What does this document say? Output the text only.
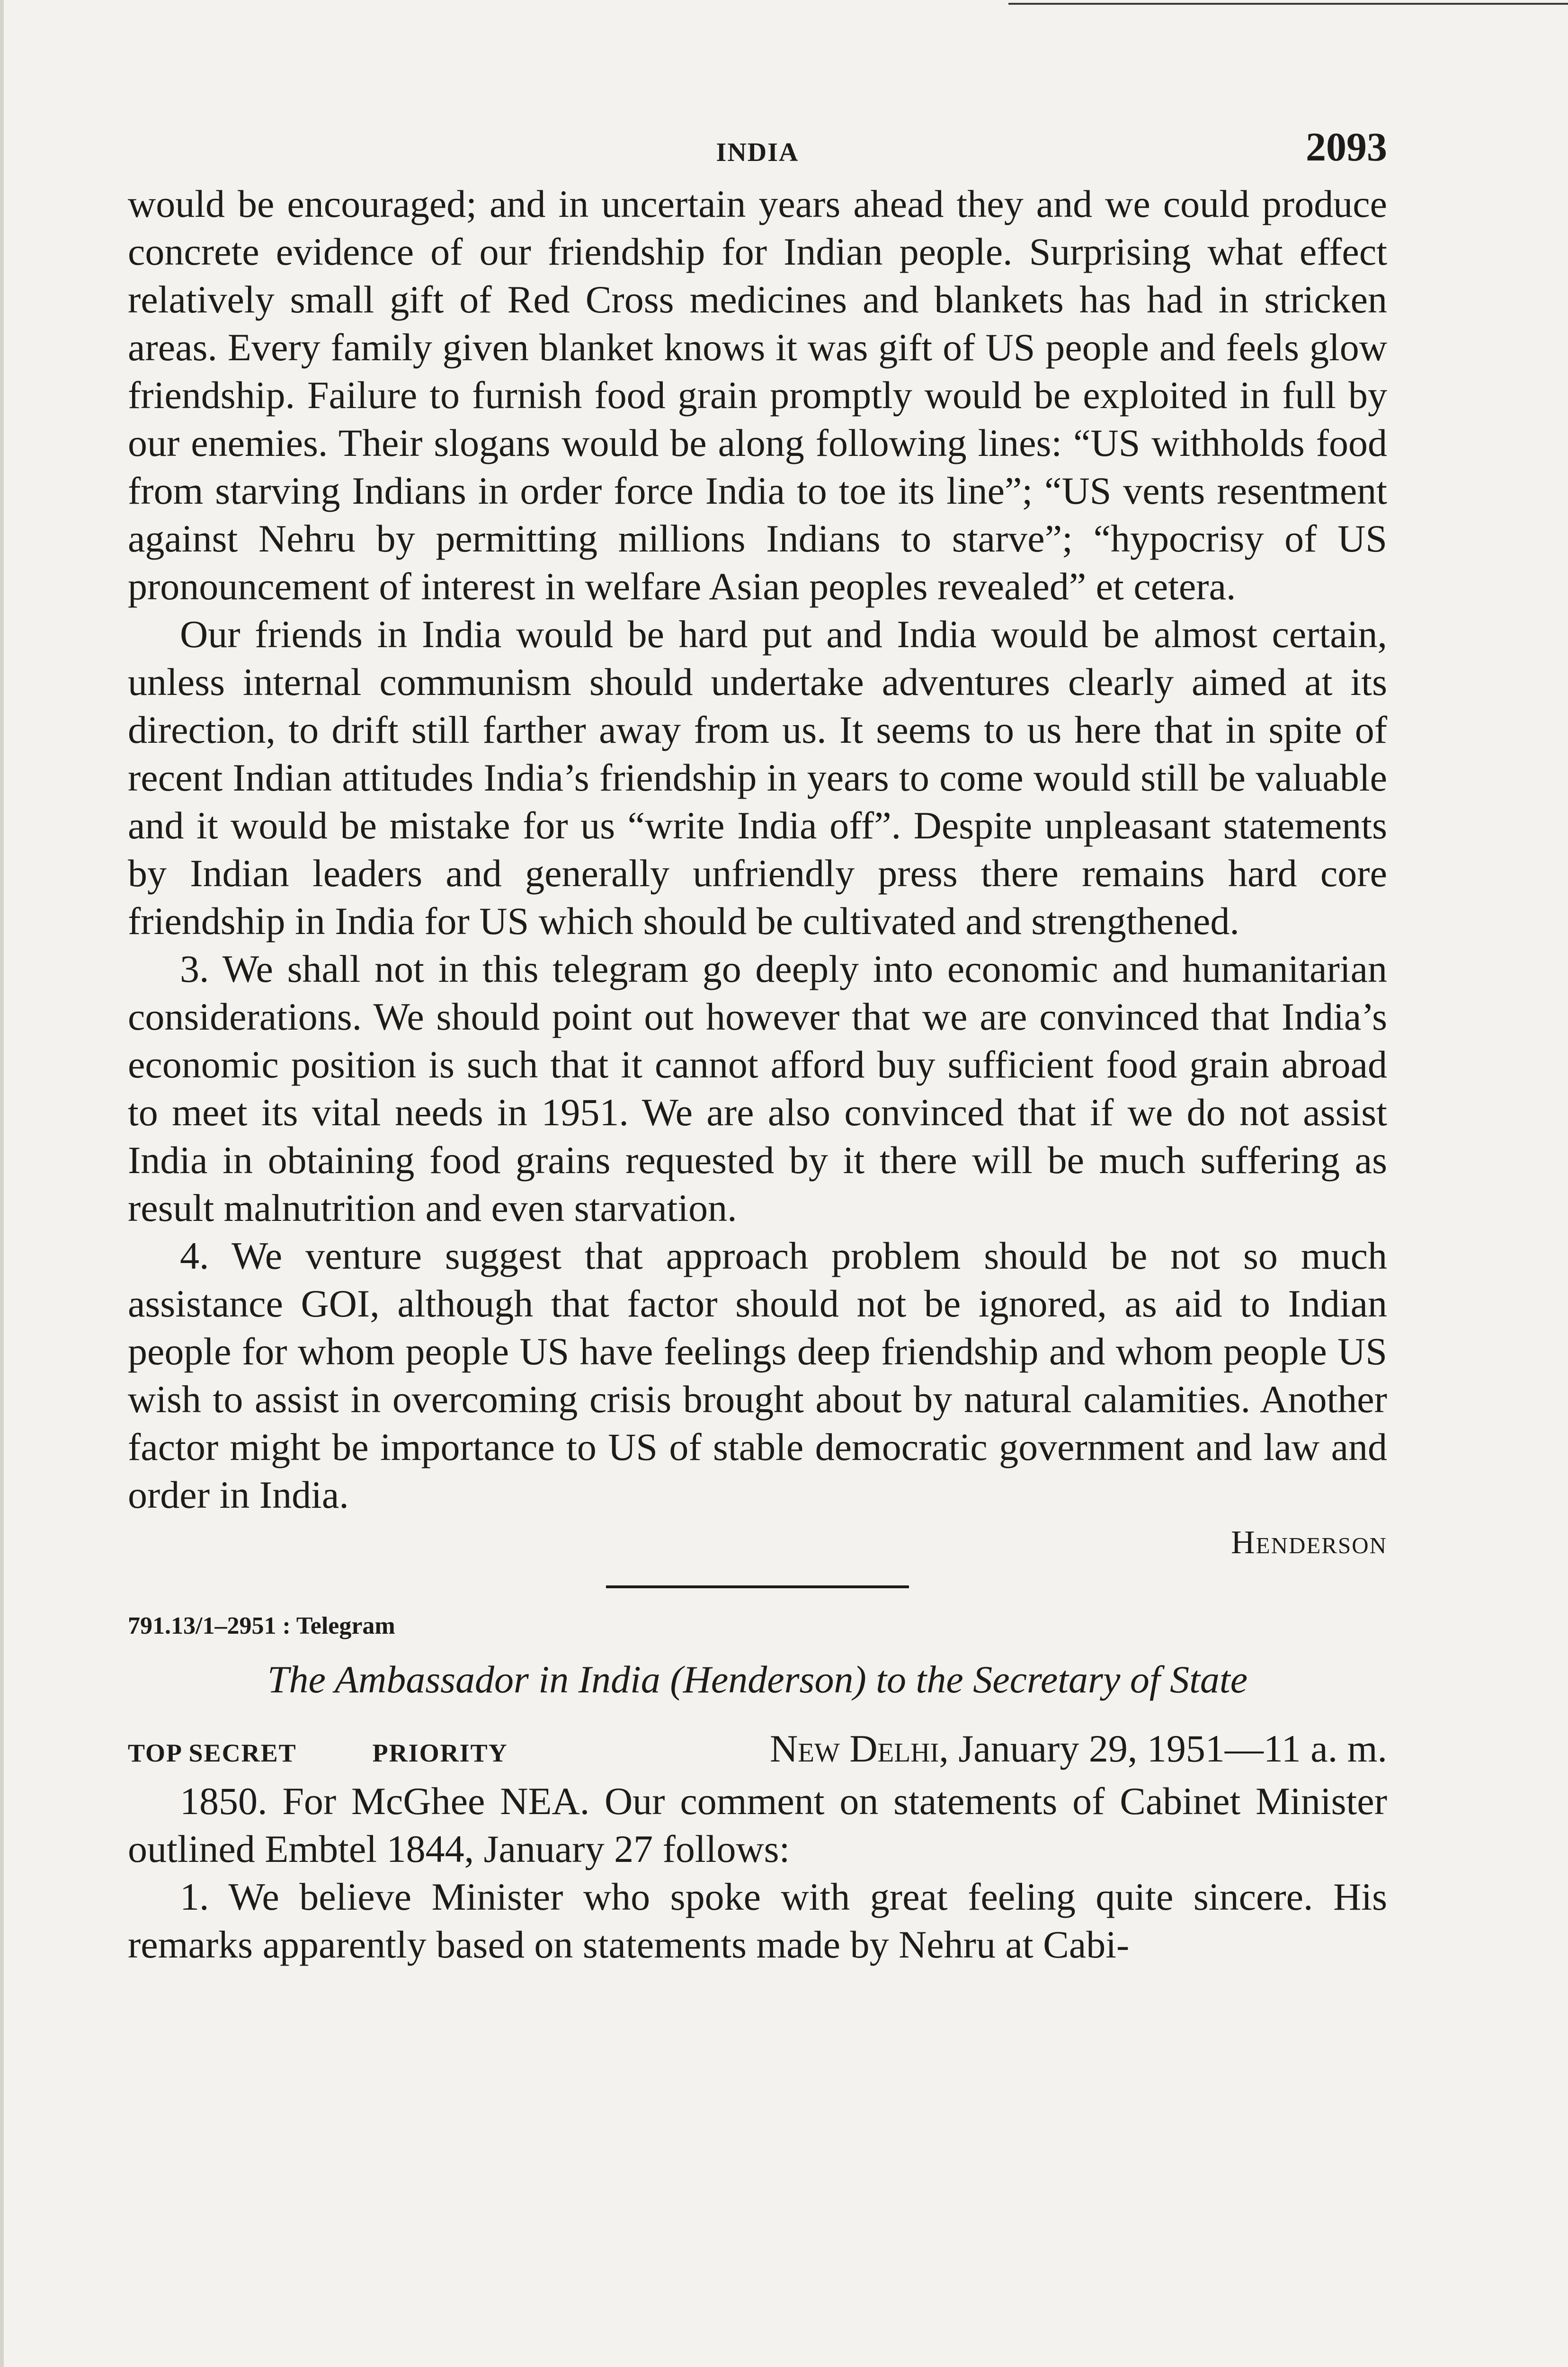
INDIA	2093

would be encouraged; and in uncertain years ahead they and we could produce concrete evidence of our friendship for Indian people. Surprising what effect relatively small gift of Red Cross medicines and blankets has had in stricken areas. Every family given blanket knows it was gift of US people and feels glow friendship. Failure to furnish food grain promptly would be exploited in full by our enemies. Their slogans would be along following lines: “US withholds food from starving Indians in order force India to toe its line”; “US vents resentment against Nehru by permitting millions Indians to starve”; “hypocrisy of US pronouncement of interest in welfare Asian peoples revealed” et cetera.

Our friends in India would be hard put and India would be almost certain, unless internal communism should undertake adventures clearly aimed at its direction, to drift still farther away from us. It seems to us here that in spite of recent Indian attitudes India’s friendship in years to come would still be valuable and it would be mistake for us “write India off”. Despite unpleasant statements by Indian leaders and generally unfriendly press there remains hard core friendship in India for US which should be cultivated and strengthened.

3. We shall not in this telegram go deeply into economic and humanitarian considerations. We should point out however that we are convinced that India’s economic position is such that it cannot afford buy sufficient food grain abroad to meet its vital needs in 1951. We are also convinced that if we do not assist India in obtaining food grains requested by it there will be much suffering as result malnutrition and even starvation.

4. We venture suggest that approach problem should be not so much assistance GOI, although that factor should not be ignored, as aid to Indian people for whom people US have feelings deep friendship and whom people US wish to assist in overcoming crisis brought about by natural calamities. Another factor might be importance to US of stable democratic government and law and order in India.

Henderson
791.13/1–2951 : Telegram
The Ambassador in India (Henderson) to the Secretary of State
TOP SECRET	PRIORITY	New Delhi, January 29, 1951—11 a. m.

1850. For McGhee NEA. Our comment on statements of Cabinet Minister outlined Embtel 1844, January 27 follows:

1. We believe Minister who spoke with great feeling quite sincere. His remarks apparently based on statements made by Nehru at Cabi-
